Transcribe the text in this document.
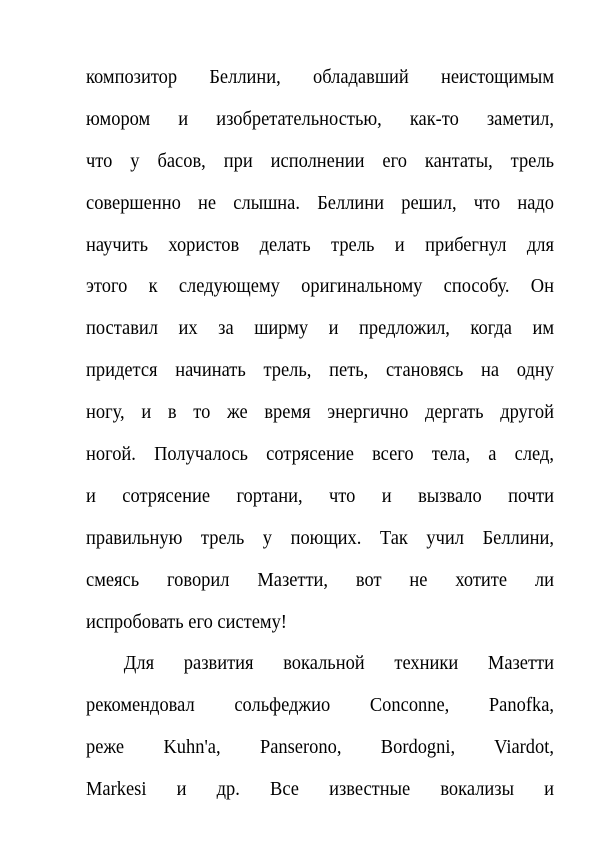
композитор Беллини, обладавший неистощимым
юмором и изобретательностью, как-то заметил,
что у басов, при исполнении его кантаты, трель
совершенно не слышна. Беллини решил, что надо
научить хористов делать трель и прибегнул для
этого к следующему оригинальному способу. Он
поставил их за ширму и предложил, когда им
придется начинать трель, петь, становясь на одну
ногу, и в то же время энергично дергать другой
ногой. Получалось сотрясение всего тела, а след,
и сотрясение гортани, что и вызвало почти
правильную трель у поющих. Так учил Беллини,
смеясь говорил Мазетти, вот не хотите ли
испробовать его систему!
Для развития вокальной техники Мазетти
рекомендовал сольфеджио Conconne, Panofka,
реже Kuhn'a, Panserono, Bordogni, Viardot,
Markesi и др. Все известные вокализы и
